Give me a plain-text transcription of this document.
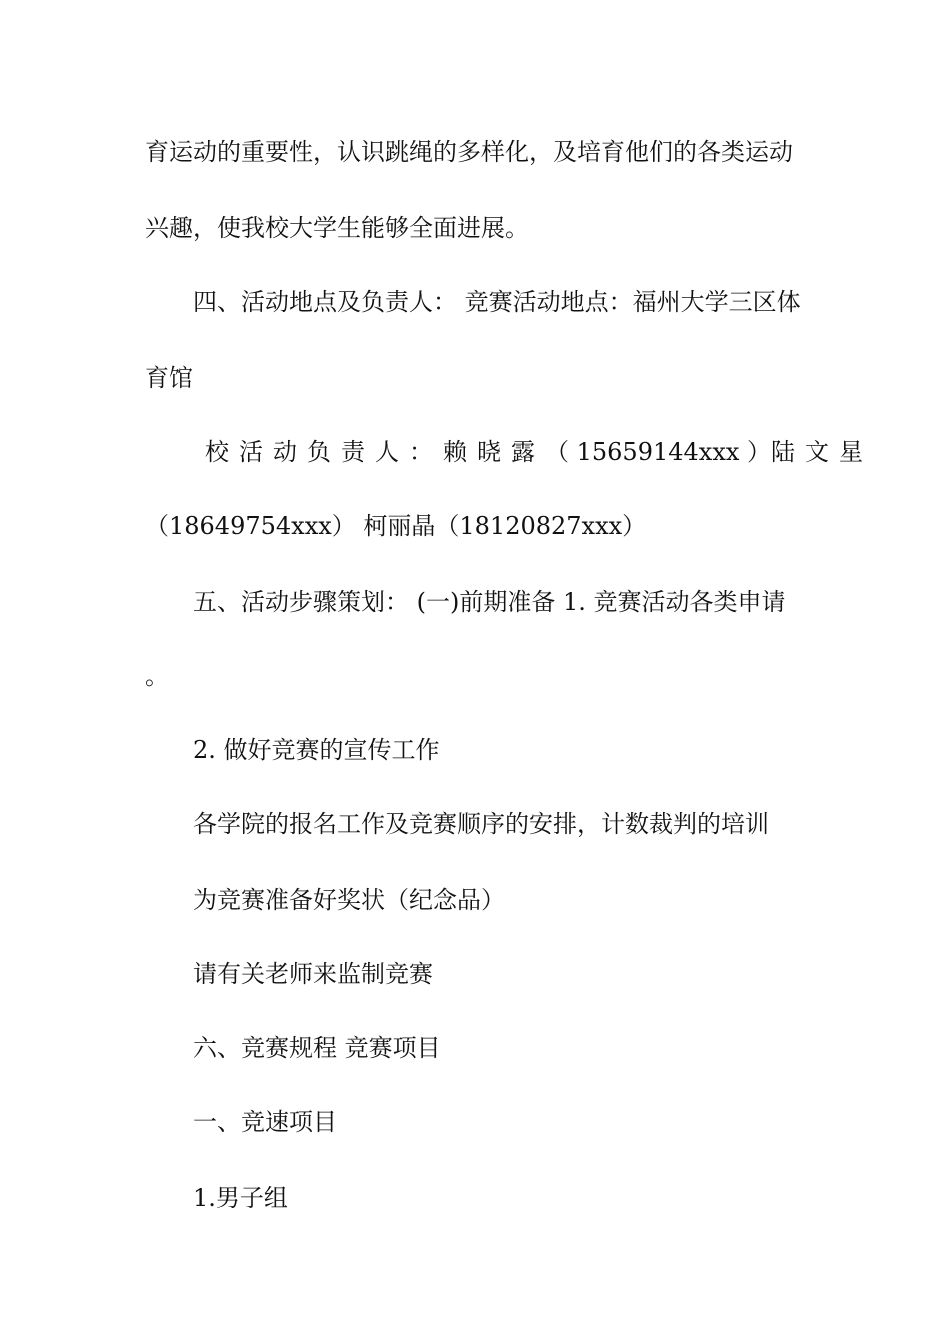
育运动的重要性，认识跳绳的多样化，及培育他们的各类运动
兴趣，使我校大学生能够全面进展。
四、活动地点及负责人： 竞赛活动地点：福州大学三区体
育馆
校活动负责人： 赖晓露 （ 15659144xxx ） 陆文星
（18649754xxx） 柯丽晶（18120827xxx）
五、活动步骤策划： (一)前期准备 1. 竞赛活动各类申请
。
2. 做好竞赛的宣传工作
各学院的报名工作及竞赛顺序的安排，计数裁判的培训
为竞赛准备好奖状（纪念品）
请有关老师来监制竞赛
六、竞赛规程 竞赛项目
一、竞速项目
1.男子组
